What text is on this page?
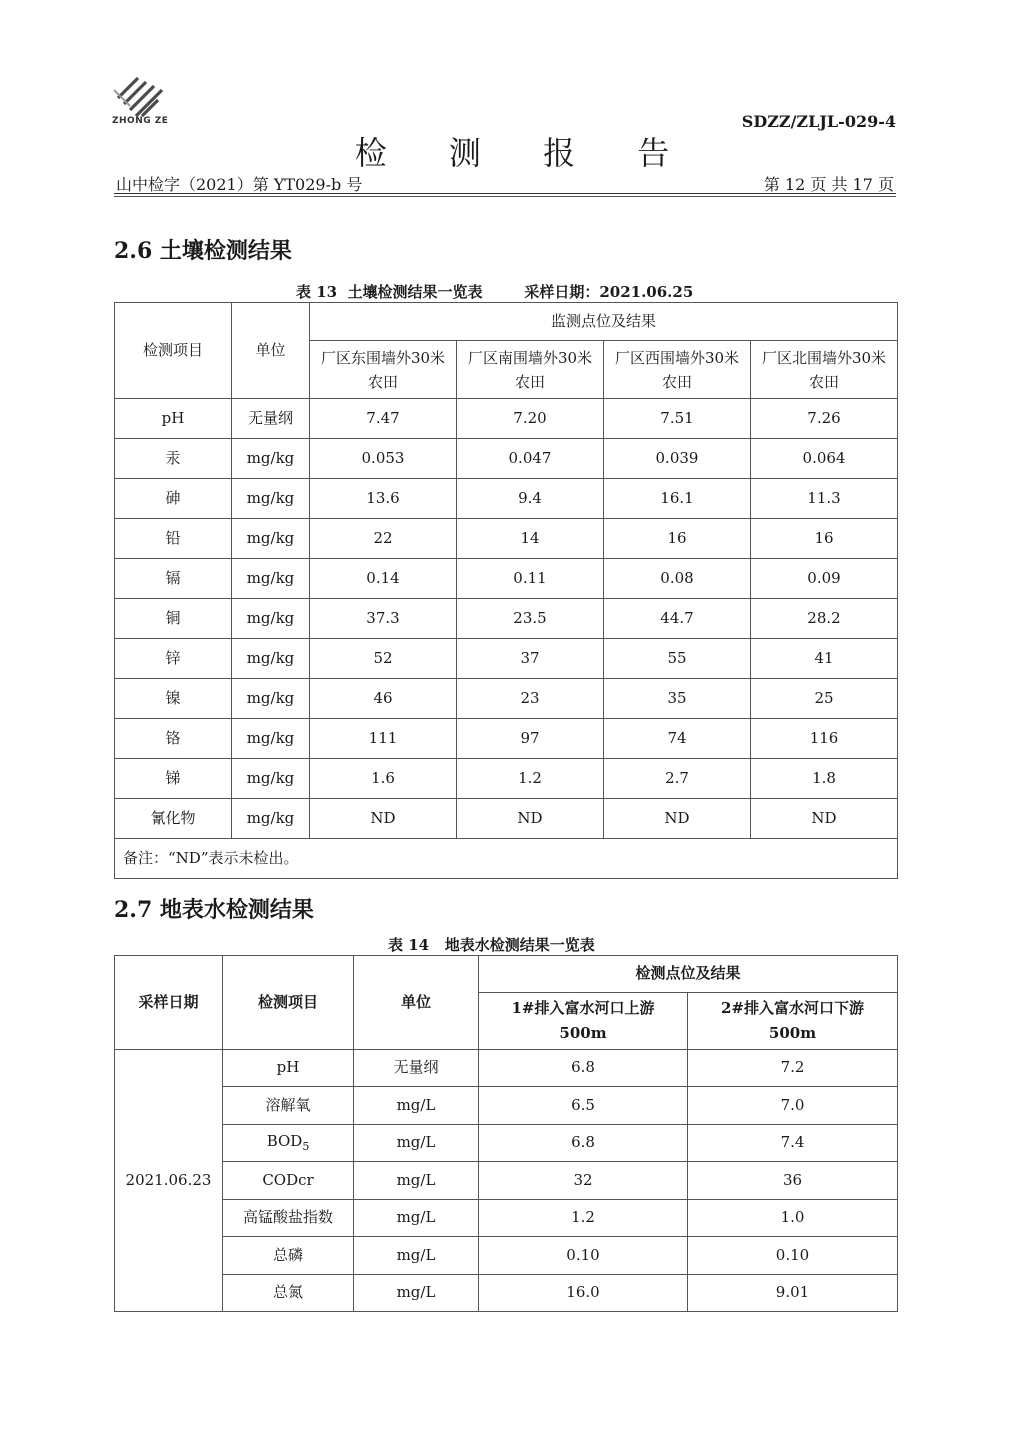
ZHONG ZE	SDZZ/ZLJL-029-4
检 测 报 告
山中检字（2021）第 YT029-b 号	第 12 页 共 17 页
2.6 土壤检测结果
表 13  土壤检测结果一览表        采样日期：2021.06.25
检测项目	单位	监测点位及结果			
		厂区东围墙外30米农田	厂区南围墙外30米农田	厂区西围墙外30米农田	厂区北围墙外30米农田
pH	无量纲	7.47	7.20	7.51	7.26
汞	mg/kg	0.053	0.047	0.039	0.064
砷	mg/kg	13.6	9.4	16.1	11.3
铅	mg/kg	22	14	16	16
镉	mg/kg	0.14	0.11	0.08	0.09
铜	mg/kg	37.3	23.5	44.7	28.2
锌	mg/kg	52	37	55	41
镍	mg/kg	46	23	35	25
铬	mg/kg	111	97	74	116
锑	mg/kg	1.6	1.2	2.7	1.8
氰化物	mg/kg	ND	ND	ND	ND
备注：“ND”表示未检出。					
2.7 地表水检测结果
表 14   地表水检测结果一览表
采样日期	检测项目	单位	检测点位及结果	
			1#排入富水河口上游500m	2#排入富水河口下游500m
2021.06.23	pH	无量纲	6.8	7.2
	溶解氧	mg/L	6.5	7.0
	$BOD_5$	mg/L	6.8	7.4
	CODcr	mg/L	32	36
	高锰酸盐指数	mg/L	1.2	1.0
	总磷	mg/L	0.10	0.10
	总氮	mg/L	16.0	9.01
